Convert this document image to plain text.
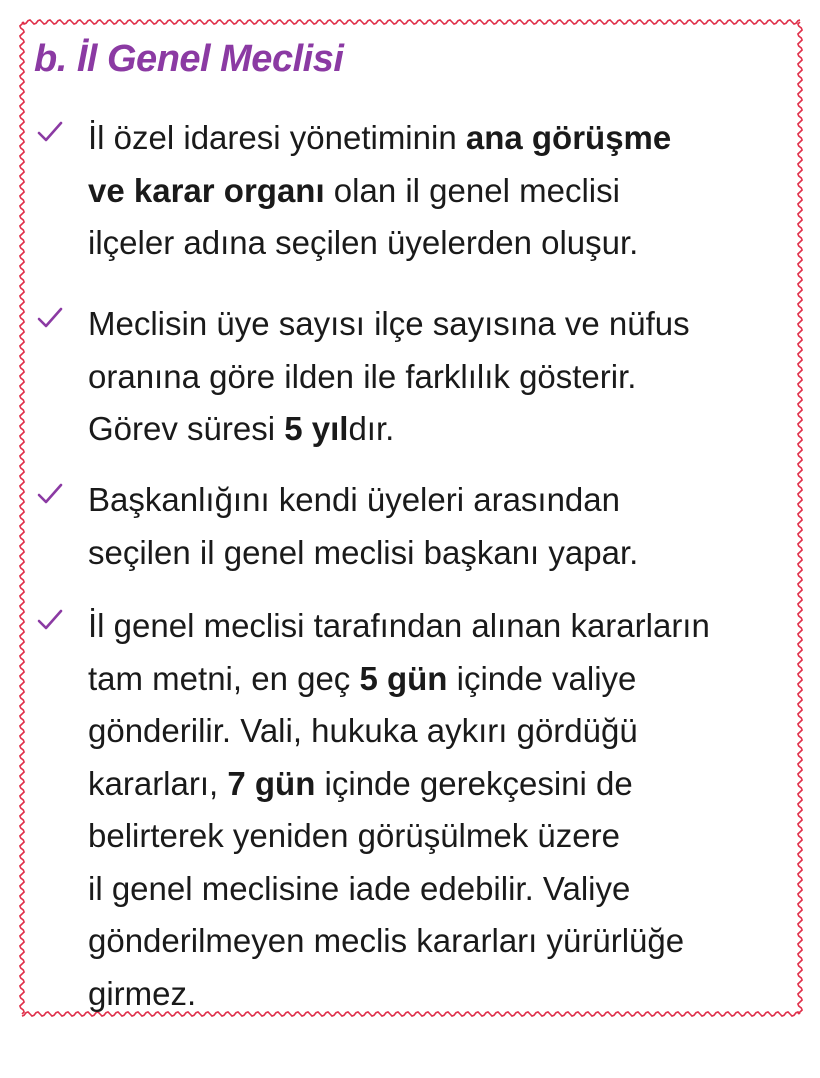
b. İl Genel Meclisi

İl özel idaresi yönetiminin ana görüşme
ve karar organı olan il genel meclisi
ilçeler adına seçilen üyelerden oluşur.

Meclisin üye sayısı ilçe sayısına ve nüfus
oranına göre ilden ile farklılık gösterir.
Görev süresi 5 yıldır.

Başkanlığını kendi üyeleri arasından
seçilen il genel meclisi başkanı yapar.

İl genel meclisi tarafından alınan kararların
tam metni, en geç 5 gün içinde valiye
gönderilir. Vali, hukuka aykırı gördüğü
kararları, 7 gün içinde gerekçesini de
belirterek yeniden görüşülmek üzere
il genel meclisine iade edebilir. Valiye
gönderilmeyen meclis kararları yürürlüğe
girmez.
